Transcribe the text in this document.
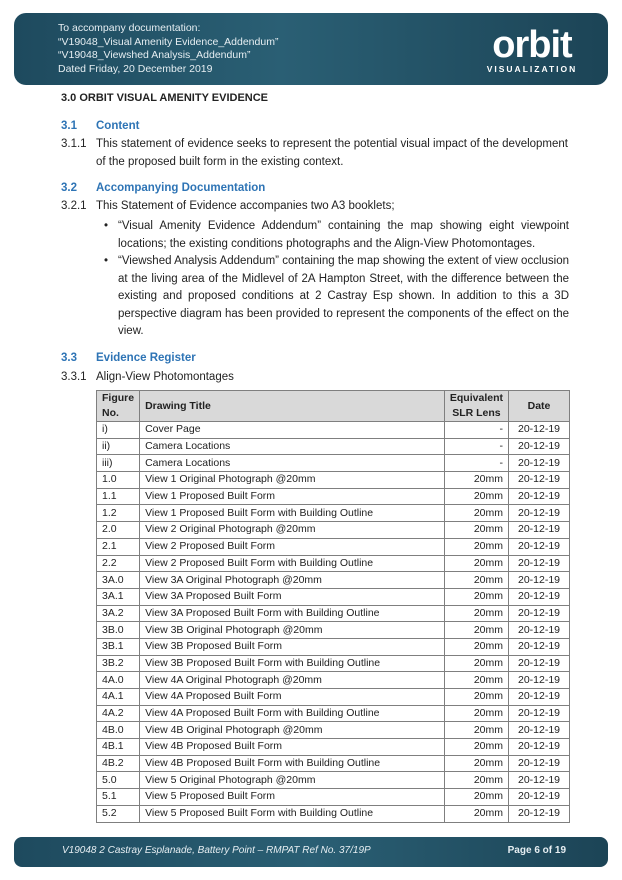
To accompany documentation:
“V19048_Visual Amenity Evidence_Addendum”
“V19048_Viewshed Analysis_Addendum”
Dated Friday, 20 December 2019
orbit
VISUALIZATION
3.0 ORBIT VISUAL AMENITY EVIDENCE
3.1 Content
3.1.1 This statement of evidence seeks to represent the potential visual impact of the development of the proposed built form in the existing context.
3.2 Accompanying Documentation
3.2.1 This Statement of Evidence accompanies two A3 booklets;
• “Visual Amenity Evidence Addendum” containing the map showing eight viewpoint locations; the existing conditions photographs and the Align-View Photomontages.
• “Viewshed Analysis Addendum” containing the map showing the extent of view occlusion at the living area of the Midlevel of 2A Hampton Street, with the difference between the existing and proposed conditions at 2 Castray Esp shown. In addition to this a 3D perspective diagram has been provided to represent the components of the effect on the view.
3.3 Evidence Register
3.3.1 Align-View Photomontages
Figure No.	Drawing Title	Equivalent SLR Lens	Date
i)	Cover Page	-	20-12-19
ii)	Camera Locations	-	20-12-19
iii)	Camera Locations	-	20-12-19
1.0	View 1 Original Photograph @20mm	20mm	20-12-19
1.1	View 1 Proposed Built Form	20mm	20-12-19
1.2	View 1 Proposed Built Form with Building Outline	20mm	20-12-19
2.0	View 2 Original Photograph @20mm	20mm	20-12-19
2.1	View 2 Proposed Built Form	20mm	20-12-19
2.2	View 2 Proposed Built Form with Building Outline	20mm	20-12-19
3A.0	View 3A Original Photograph @20mm	20mm	20-12-19
3A.1	View 3A Proposed Built Form	20mm	20-12-19
3A.2	View 3A Proposed Built Form with Building Outline	20mm	20-12-19
3B.0	View 3B Original Photograph @20mm	20mm	20-12-19
3B.1	View 3B Proposed Built Form	20mm	20-12-19
3B.2	View 3B Proposed Built Form with Building Outline	20mm	20-12-19
4A.0	View 4A Original Photograph @20mm	20mm	20-12-19
4A.1	View 4A Proposed Built Form	20mm	20-12-19
4A.2	View 4A Proposed Built Form with Building Outline	20mm	20-12-19
4B.0	View 4B Original Photograph @20mm	20mm	20-12-19
4B.1	View 4B Proposed Built Form	20mm	20-12-19
4B.2	View 4B Proposed Built Form with Building Outline	20mm	20-12-19
5.0	View 5 Original Photograph @20mm	20mm	20-12-19
5.1	View 5 Proposed Built Form	20mm	20-12-19
5.2	View 5 Proposed Built Form with Building Outline	20mm	20-12-19
V19048 2 Castray Esplanade, Battery Point – RMPAT Ref No. 37/19P	Page 6 of 19
